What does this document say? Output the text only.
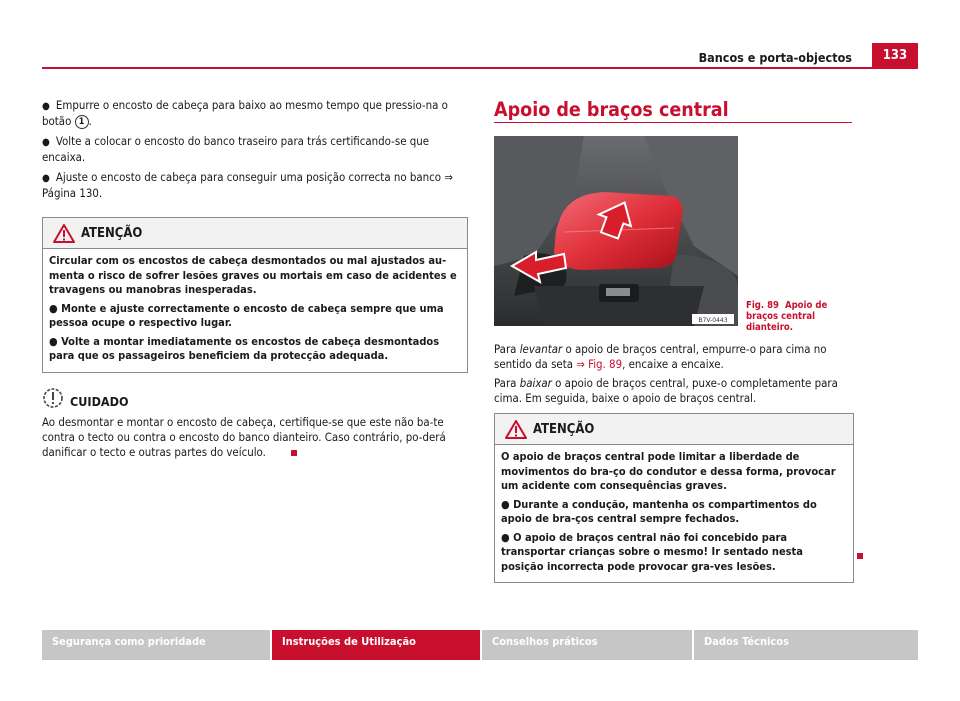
Bancos e porta-objectos	133

● Empurre o encosto de cabeça para baixo ao mesmo tempo que pressio-na o botão 1 .

● Volte a colocar o encosto do banco traseiro para trás certificando-se que encaixa.

● Ajuste o encosto de cabeça para conseguir uma posição correcta no banco ⇒ Página 130.

ATENÇÃO

Circular com os encostos de cabeça desmontados ou mal ajustados au-menta o risco de sofrer lesões graves ou mortais em caso de acidentes e travagens ou manobras inesperadas.

● Monte e ajuste correctamente o encosto de cabeça sempre que uma pessoa ocupe o respectivo lugar.

● Volte a montar imediatamente os encostos de cabeça desmontados para que os passageiros beneficiem da protecção adequada.

CUIDADO
Ao desmontar e montar o encosto de cabeça, certifique-se que este não ba-te contra o tecto ou contra o encosto do banco dianteiro. Caso contrário, po-derá danificar o tecto e outras partes do veículo.
Apoio de braços central
B7V-0443
Fig. 89 Apoio de braços central dianteiro.
Para levantar o apoio de braços central, empurre-o para cima no sentido da seta ⇒ Fig. 89, encaixe a encaixe.
Para baixar o apoio de braços central, puxe-o completamente para cima. Em seguida, baixe o apoio de braços central.
ATENÇÃO

O apoio de braços central pode limitar a liberdade de movimentos do bra-ço do condutor e dessa forma, provocar um acidente com consequências graves.

● Durante a condução, mantenha os compartimentos do apoio de bra-ços central sempre fechados.

● O apoio de braços central não foi concebido para transportar crianças sobre o mesmo! Ir sentado nesta posição incorrecta pode provocar gra-ves lesões.

Segurança como prioridade	Instruções de Utilização	Conselhos práticos	Dados Técnicos
